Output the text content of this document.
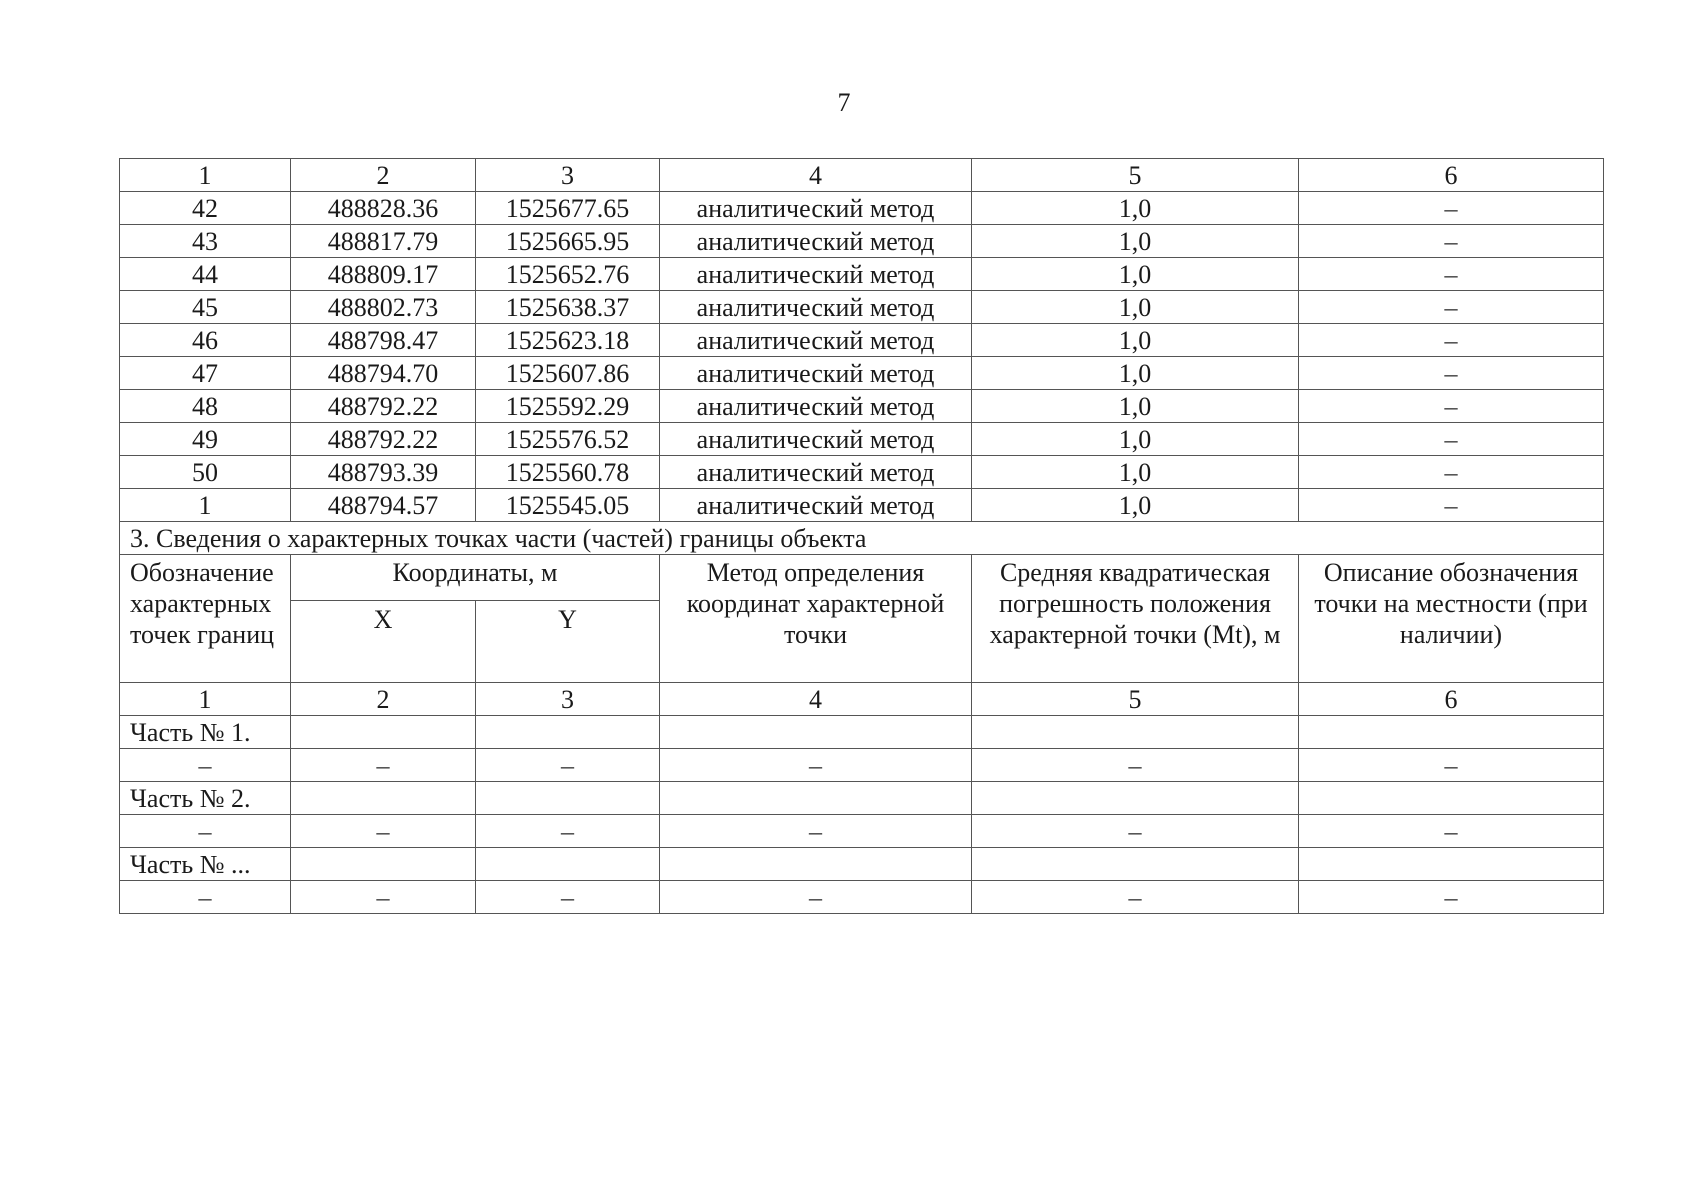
7
1	2	3	4	5	6
42	488828.36	1525677.65	аналитический метод	1,0	–
43	488817.79	1525665.95	аналитический метод	1,0	–
44	488809.17	1525652.76	аналитический метод	1,0	–
45	488802.73	1525638.37	аналитический метод	1,0	–
46	488798.47	1525623.18	аналитический метод	1,0	–
47	488794.70	1525607.86	аналитический метод	1,0	–
48	488792.22	1525592.29	аналитический метод	1,0	–
49	488792.22	1525576.52	аналитический метод	1,0	–
50	488793.39	1525560.78	аналитический метод	1,0	–
1	488794.57	1525545.05	аналитический метод	1,0	–
3. Сведения о характерных точках части (частей) границы объекта					
Обозначение характерных точек границ	Координаты, м		Метод определения координат характерной точки	Средняя квадратическая погрешность положения характерной точки (Mt), м	Описание обозначения точки на местности (при наличии)
	X	Y			
1	2	3	4	5	6
Часть № 1.					
–	–	–	–	–	–
Часть № 2.					
–	–	–	–	–	–
Часть № ...					
–	–	–	–	–	–
